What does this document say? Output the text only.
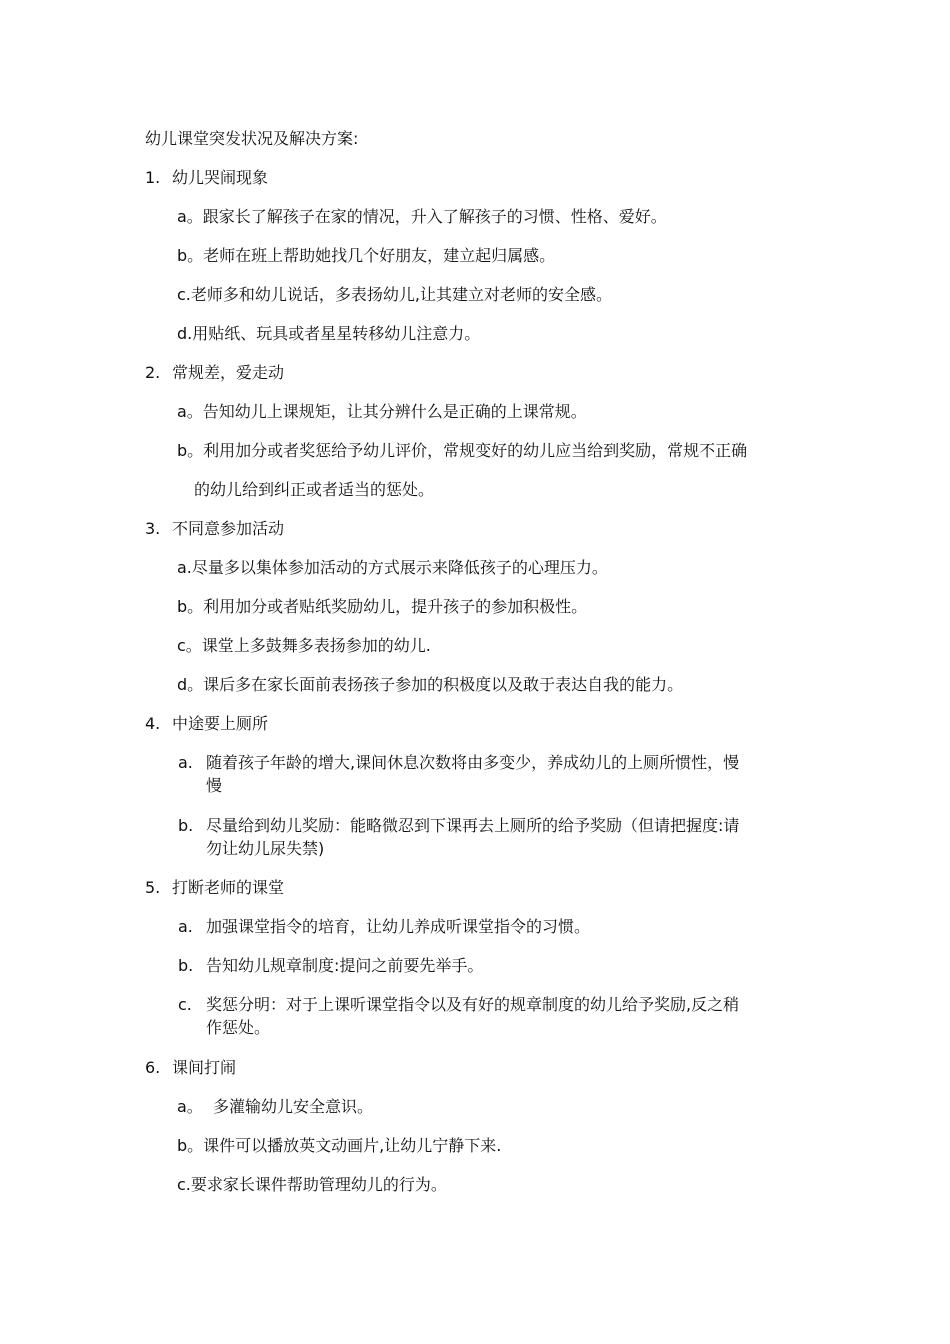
幼儿课堂突发状况及解决方案:
1. 幼儿哭闹现象
a。跟家长了解孩子在家的情况，升入了解孩子的习惯、性格、爱好。
b。老师在班上帮助她找几个好朋友，建立起归属感。
c.老师多和幼儿说话，多表扬幼儿,让其建立对老师的安全感。
d.用贴纸、玩具或者星星转移幼儿注意力。
2. 常规差，爱走动
a。告知幼儿上课规矩，让其分辨什么是正确的上课常规。
b。利用加分或者奖惩给予幼儿评价，常规变好的幼儿应当给到奖励，常规不正确
的幼儿给到纠正或者适当的惩处。
3. 不同意参加活动
a.尽量多以集体参加活动的方式展示来降低孩子的心理压力。
b。利用加分或者贴纸奖励幼儿，提升孩子的参加积极性。
c。课堂上多鼓舞多表扬参加的幼儿.
d。课后多在家长面前表扬孩子参加的积极度以及敢于表达自我的能力。
4. 中途要上厕所
a. 随着孩子年龄的增大,课间休息次数将由多变少，养成幼儿的上厕所惯性，慢
慢
b. 尽量给到幼儿奖励：能略微忍到下课再去上厕所的给予奖励（但请把握度:请
勿让幼儿尿失禁)
5. 打断老师的课堂
a. 加强课堂指令的培育，让幼儿养成听课堂指令的习惯。
b. 告知幼儿规章制度:提问之前要先举手。
c. 奖惩分明：对于上课听课堂指令以及有好的规章制度的幼儿给予奖励,反之稍
作惩处。
6. 课间打闹
a。  多灌输幼儿安全意识。
b。课件可以播放英文动画片,让幼儿宁静下来.
c.要求家长课件帮助管理幼儿的行为。
